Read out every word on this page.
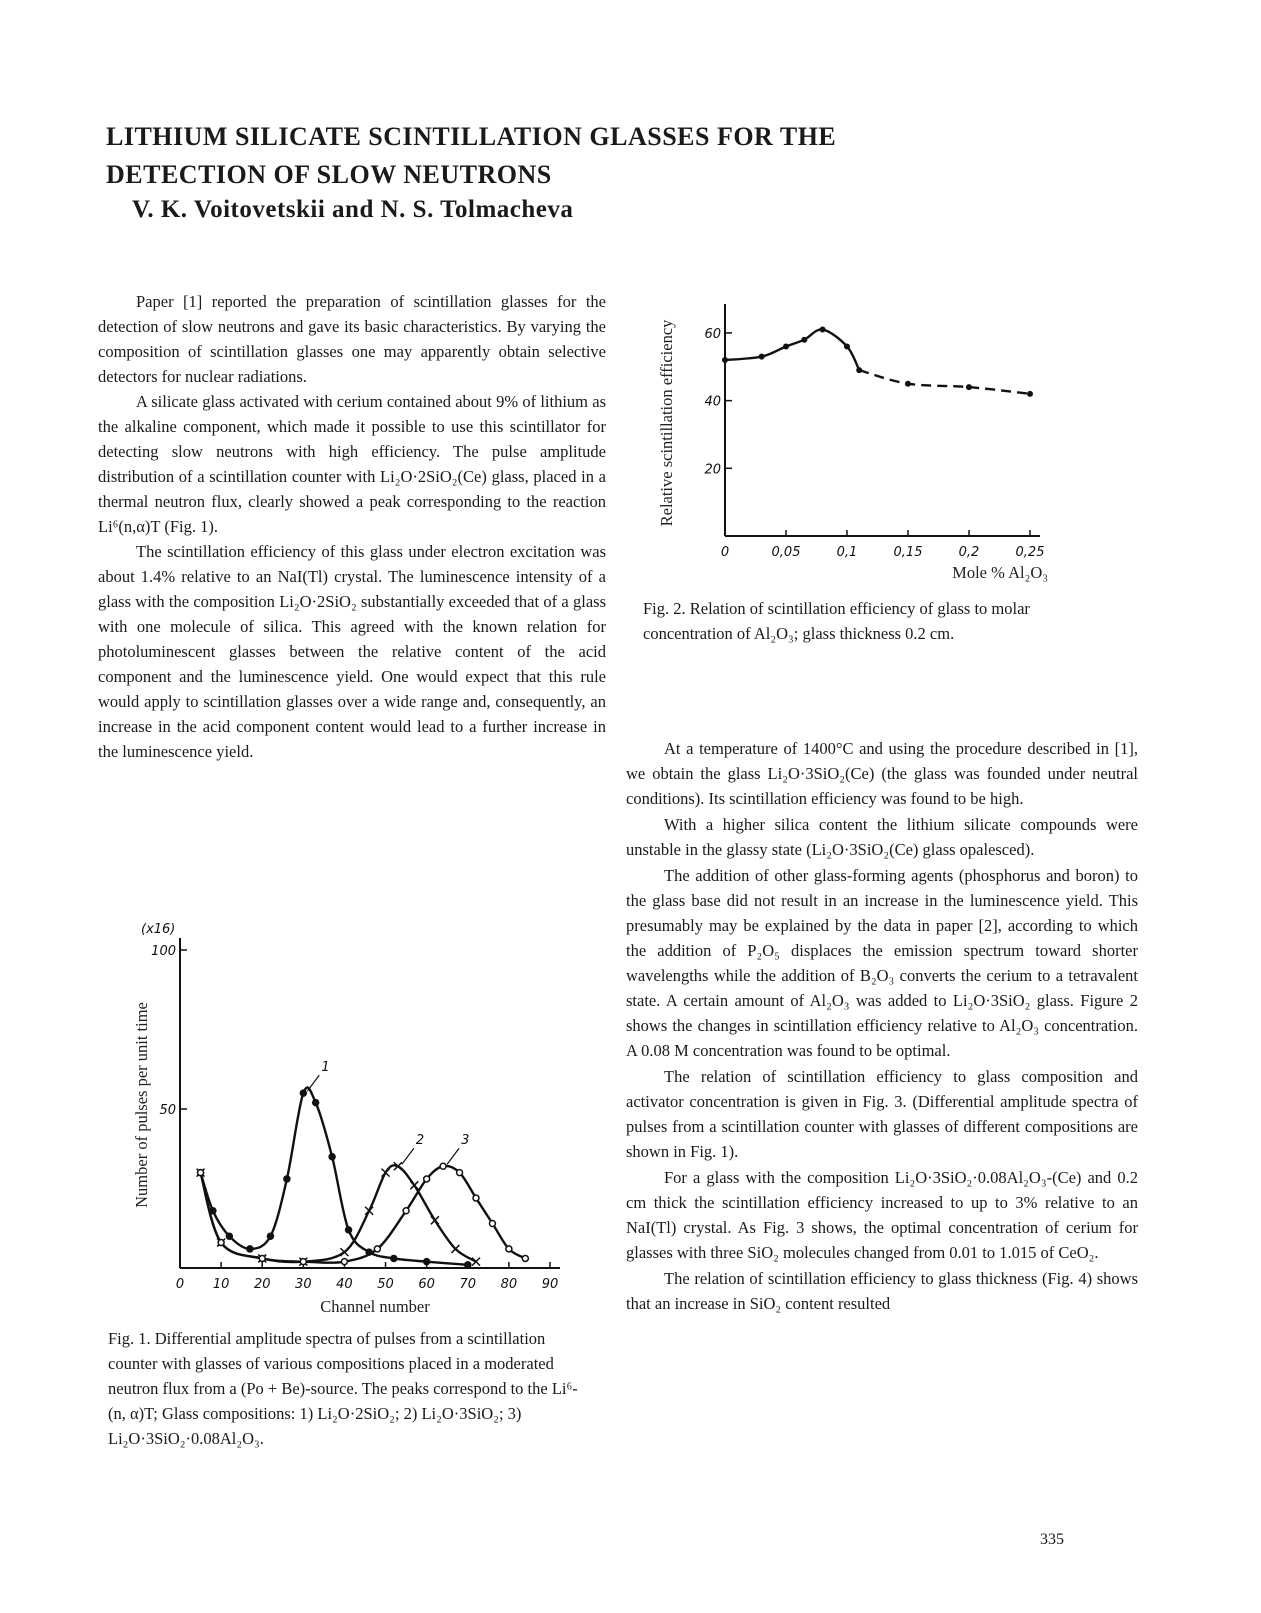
LITHIUM SILICATE SCINTILLATION GLASSES FOR THE
DETECTION OF SLOW NEUTRONS
V. K. Voitovetskii and N. S. Tolmacheva

Paper [1] reported the preparation of scintillation glasses for the detection of slow neutrons and gave its basic characteristics. By varying the composition of scintillation glasses one may apparently obtain selective detectors for nuclear radiations.

A silicate glass activated with cerium contained about 9% of lithium as the alkaline component, which made it possible to use this scintillator for detecting slow neutrons with high efficiency. The pulse amplitude distribution of a scintillation counter with Li₂O·2SiO₂(Ce) glass, placed in a thermal neutron flux, clearly showed a peak corresponding to the reaction Li⁶(n,α)T (Fig. 1).

The scintillation efficiency of this glass under electron excitation was about 1.4% relative to an NaI(Tl) crystal. The luminescence intensity of a glass with the composition Li₂O·2SiO₂ substantially exceeded that of a glass with one molecule of silica. This agreed with the known relation for photoluminescent glasses between the relative content of the acid component and the luminescence yield. One would expect that this rule would apply to scintillation glasses over a wide range and, consequently, an increase in the acid component content would lead to a further increase in the luminescence yield.

0	0,05	0,1	0,15	0,2	0,25
20
40
60
Mole % Al₂O₃
Relative scintillation efficiency
Fig. 2. Relation of scintillation efficiency of glass to molar concentration of Al₂O₃; glass thickness 0.2 cm.

At a temperature of 1400°C and using the procedure described in [1], we obtain the glass Li₂O·3SiO₂(Ce) (the glass was founded under neutral conditions). Its scintillation efficiency was found to be high.

With a higher silica content the lithium silicate compounds were unstable in the glassy state (Li₂O·3SiO₂(Ce) glass opalesced).

The addition of other glass-forming agents (phosphorus and boron) to the glass base did not result in an increase in the luminescence yield. This presumably may be explained by the data in paper [2], according to which the addition of P₂O₅ displaces the emission spectrum toward shorter wavelengths while the addition of B₂O₃ converts the cerium to a tetravalent state. A certain amount of Al₂O₃ was added to Li₂O·3SiO₂ glass. Figure 2 shows the changes in scintillation efficiency relative to Al₂O₃ concentration. A 0.08 M concentration was found to be optimal.

The relation of scintillation efficiency to glass composition and activator concentration is given in Fig. 3. (Differential amplitude spectra of pulses from a scintillation counter with glasses of different compositions are shown in Fig. 1).

For a glass with the composition Li₂O·3SiO₂·0.08Al₂O₃-(Ce) and 0.2 cm thick the scintillation efficiency increased to up to 3% relative to an NaI(Tl) crystal. As Fig. 3 shows, the optimal concentration of cerium for glasses with three SiO₂ molecules changed from 0.01 to 1.015 of CeO₂.

The relation of scintillation efficiency to glass thickness (Fig. 4) shows that an increase in SiO₂ content resulted

0 10 20 30 40 50 60 70 80 90
50
100
Channel number
Number of pulses per unit time
(x16)
1
2	3
Fig. 1. Differential amplitude spectra of pulses from a scintillation counter with glasses of various compositions placed in a moderated neutron flux from a (Po + Be)-source. The peaks correspond to the Li⁶-(n, α)T; Glass compositions: 1) Li₂O·2SiO₂; 2) Li₂O·3SiO₂; 3) Li₂O·3SiO₂·0.08Al₂O₃.
335
